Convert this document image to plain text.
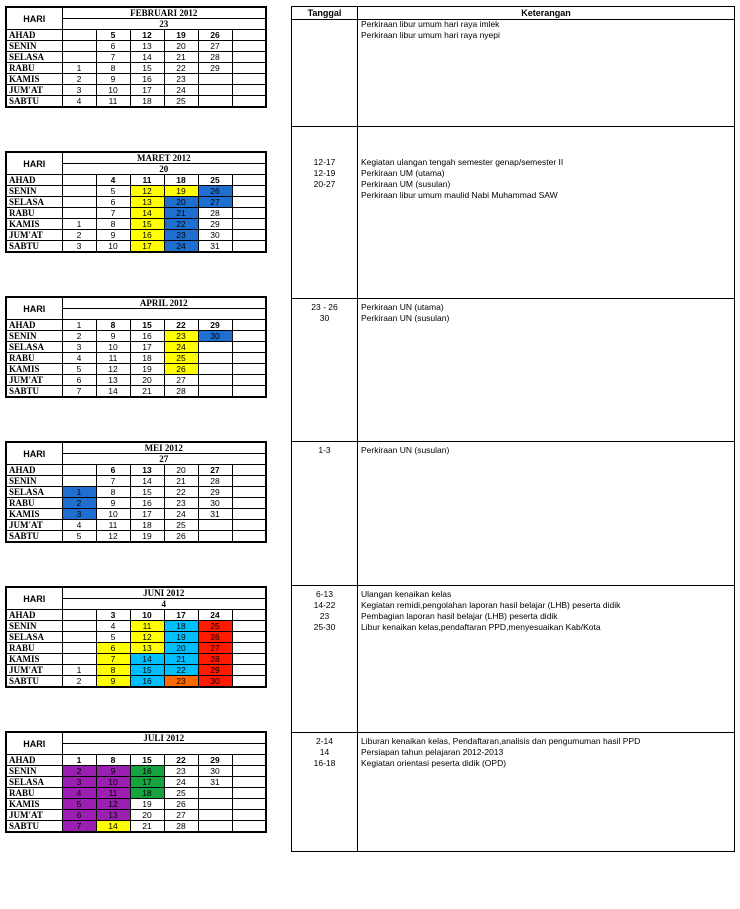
HARI	FEBRUARI 2012					
	23					
AHAD		5	12	19	26	
SENIN		6	13	20	27	
SELASA		7	14	21	28	
RABU	1	8	15	22	29	
KAMIS	2	9	16	23		
JUM'AT	3	10	17	24		
SABTU	4	11	18	25		
HARI	MARET 2012					
	20					
AHAD		4	11	18	25	
SENIN		5	12	19	26	
SELASA		6	13	20	27	
RABU		7	14	21	28	
KAMIS	1	8	15	22	29	
JUM'AT	2	9	16	23	30	
SABTU	3	10	17	24	31	
HARI	APRIL 2012					

AHAD	1	8	15	22	29	
SENIN	2	9	16	23	30	
SELASA	3	10	17	24		
RABU	4	11	18	25		
KAMIS	5	12	19	26		
JUM'AT	6	13	20	27		
SABTU	7	14	21	28		
HARI	MEI 2012					
	27					
AHAD		6	13	20	27	
SENIN		7	14	21	28	
SELASA	1	8	15	22	29	
RABU	2	9	16	23	30	
KAMIS	3	10	17	24	31	
JUM'AT	4	11	18	25		
SABTU	5	12	19	26		
HARI	JUNI 2012					
	4					
AHAD		3	10	17	24	
SENIN		4	11	18	25	
SELASA		5	12	19	26	
RABU		6	13	20	27	
KAMIS		7	14	21	28	
JUM'AT	1	8	15	22	29	
SABTU	2	9	16	23	30	
HARI	JULI 2012					

AHAD	1	8	15	22	29	
SENIN	2	9	16	23	30	
SELASA	3	10	17	24	31	
RABU	4	11	18	25		
KAMIS	5	12	19	26		
JUM'AT	6	13	20	27		
SABTU	7	14	21	28		
Tanggal	Keterangan
Perkiraan libur umum hari raya imlek
Perkiraan libur umum hari raya nyepi
12-17	Kegiatan ulangan tengah semester genap/semester II
12-19	Perkiraan UM (utama)
20-27	Perkiraan UM (susulan)
Perkiraan libur umum maulid Nabi Muhammad SAW
23 - 26	Perkiraan UN (utama)
30	Perkiraan UN (susulan)
1-3	Perkiraan UN (susulan)
6-13	Ulangan kenaikan kelas
14-22	Kegiatan remidi,pengolahan laporan hasil belajar (LHB) peserta didik
23	Pembagian laporan hasil belajar (LHB) peserta didik
25-30	Libur kenaikan kelas,pendaftaran PPD,menyesuaikan Kab/Kota
2-14	Liburan kenaikan kelas, Pendaftaran,analisis dan pengumuman hasil PPD
14	Persiapan tahun pelajaran 2012-2013
16-18	Kegiatan orientasi peserta didik (OPD)
